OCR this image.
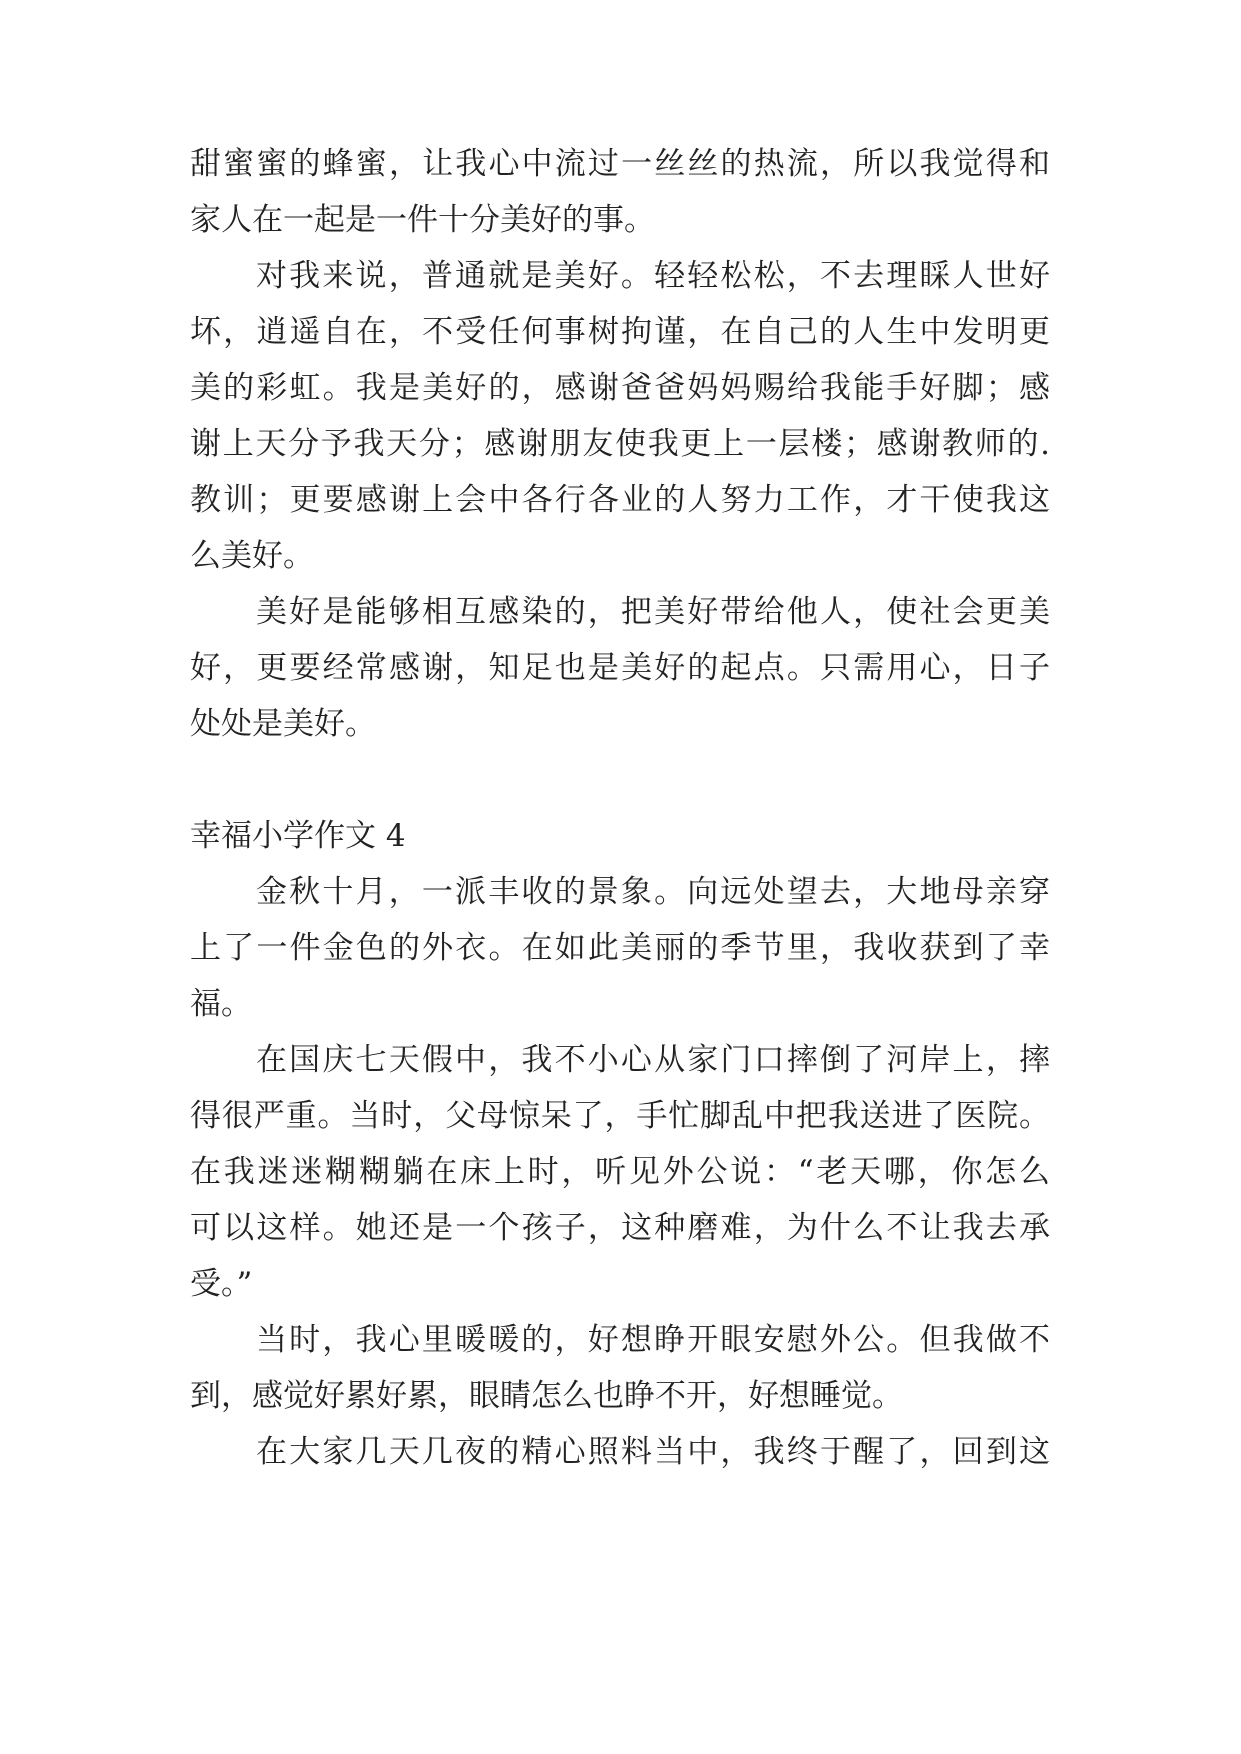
甜蜜蜜的蜂蜜，让我心中流过一丝丝的热流，所以我觉得和
家人在一起是一件十分美好的事。
对我来说，普通就是美好。轻轻松松，不去理睬人世好
坏，逍遥自在，不受任何事树拘谨，在自己的人生中发明更
美的彩虹。我是美好的，感谢爸爸妈妈赐给我能手好脚；感
谢上天分予我天分；感谢朋友使我更上一层楼；感谢教师的.
教训；更要感谢上会中各行各业的人努力工作，才干使我这
么美好。
美好是能够相互感染的，把美好带给他人，使社会更美
好，更要经常感谢，知足也是美好的起点。只需用心，日子
处处是美好。
幸福小学作文 4
金秋十月，一派丰收的景象。向远处望去，大地母亲穿
上了一件金色的外衣。在如此美丽的季节里，我收获到了幸
福。
在国庆七天假中，我不小心从家门口摔倒了河岸上，摔
得很严重。当时，父母惊呆了，手忙脚乱中把我送进了医院。
在我迷迷糊糊躺在床上时，听见外公说：“老天哪，你怎么
可以这样。她还是一个孩子，这种磨难，为什么不让我去承
受。”
当时，我心里暖暖的，好想睁开眼安慰外公。但我做不
到，感觉好累好累，眼睛怎么也睁不开，好想睡觉。
在大家几天几夜的精心照料当中，我终于醒了，回到这
